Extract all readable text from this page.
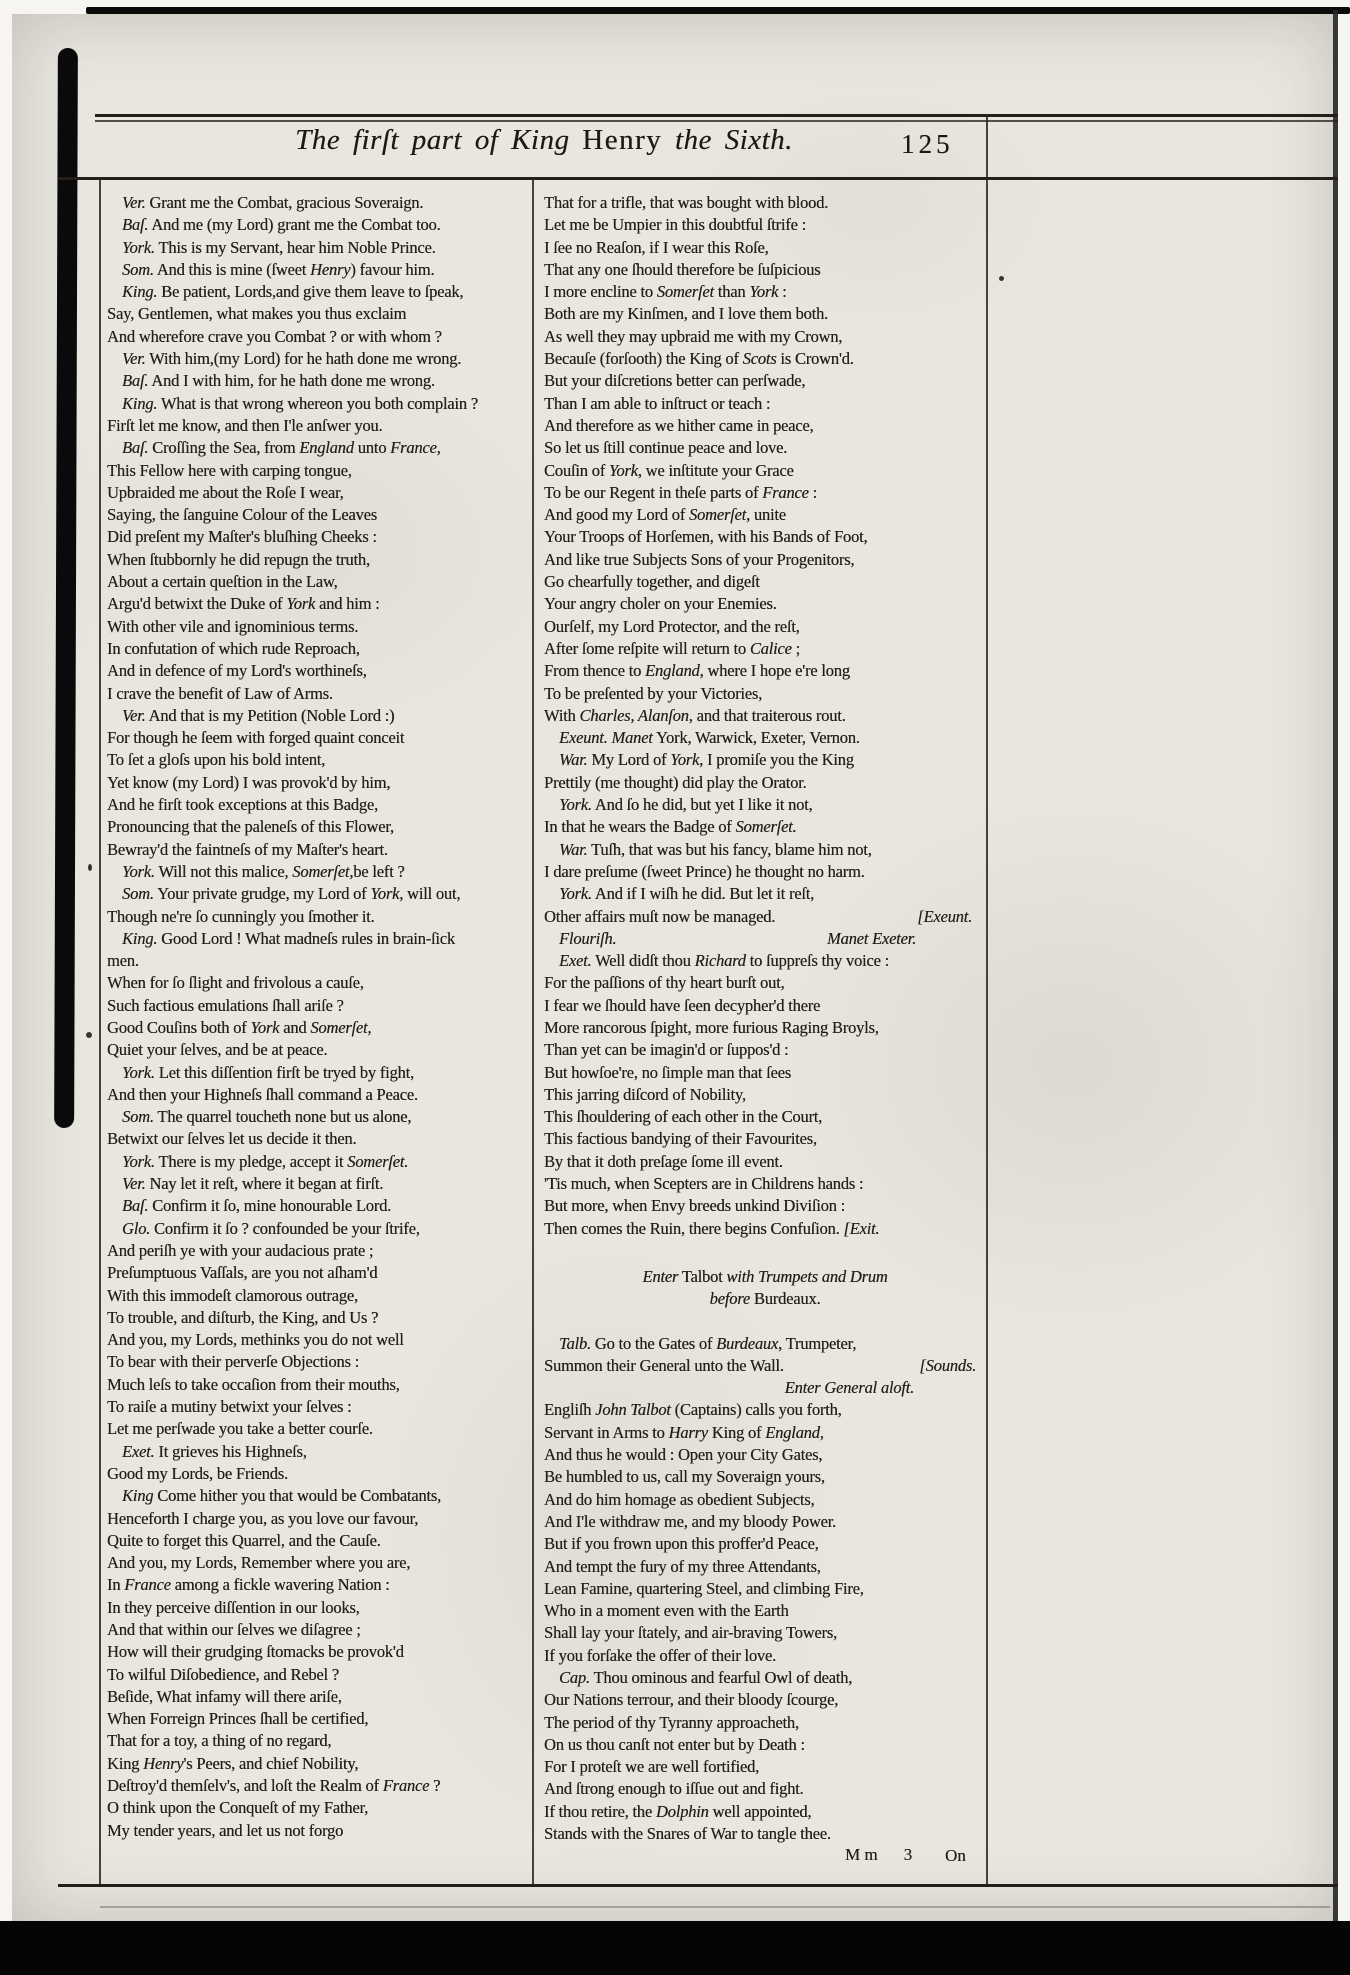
The firſt part of King Henry the Sixth.	125
Ver. Grant me the Combat, gracious Soveraign.
Baſ. And me (my Lord) grant me the Combat too.
York. This is my Servant, hear him Noble Prince.
Som. And this is mine (ſweet Henry) favour him.
King. Be patient, Lords,and give them leave to ſpeak,
Say, Gentlemen, what makes you thus exclaim
And wherefore crave you Combat ? or with whom ?
Ver. With him,(my Lord) for he hath done me wrong.
Baſ. And I with him, for he hath done me wrong.
King. What is that wrong whereon you both complain ?
Firſt let me know, and then I'le anſwer you.
Baſ. Croſſing the Sea, from England unto France,
This Fellow here with carping tongue,
Upbraided me about the Roſe I wear,
Saying, the ſanguine Colour of the Leaves
Did preſent my Maſter's bluſhing Cheeks :
When ſtubbornly he did repugn the truth,
About a certain queſtion in the Law,
Argu'd betwixt the Duke of York and him :
With other vile and ignominious terms.
In confutation of which rude Reproach,
And in defence of my Lord's worthineſs,
I crave the benefit of Law of Arms.
Ver. And that is my Petition (Noble Lord :)
For though he ſeem with forged quaint conceit
To ſet a gloſs upon his bold intent,
Yet know (my Lord) I was provok'd by him,
And he firſt took exceptions at this Badge,
Pronouncing that the paleneſs of this Flower,
Bewray'd the faintneſs of my Maſter's heart.
York. Will not this malice, Somerſet,be left ?
Som. Your private grudge, my Lord of York, will out,
Though ne're ſo cunningly you ſmother it.
King. Good Lord ! What madneſs rules in brain-ſick
men.
When for ſo ſlight and frivolous a cauſe,
Such factious emulations ſhall ariſe ?
Good Couſins both of York and Somerſet,
Quiet your ſelves, and be at peace.
York. Let this diſſention firſt be tryed by fight,
And then your Highneſs ſhall command a Peace.
Som. The quarrel toucheth none but us alone,
Betwixt our ſelves let us decide it then.
York. There is my pledge, accept it Somerſet.
Ver. Nay let it reſt, where it began at firſt.
Baſ. Confirm it ſo, mine honourable Lord.
Glo. Confirm it ſo ? confounded be your ſtrife,
And periſh ye with your audacious prate ;
Preſumptuous Vaſſals, are you not aſham'd
With this immodeſt clamorous outrage,
To trouble, and diſturb, the King, and Us ?
And you, my Lords, methinks you do not well
To bear with their perverſe Objections :
Much leſs to take occaſion from their mouths,
To raiſe a mutiny betwixt your ſelves :
Let me perſwade you take a better courſe.
Exet. It grieves his Highneſs,
Good my Lords, be Friends.
King Come hither you that would be Combatants,
Henceforth I charge you, as you love our favour,
Quite to forget this Quarrel, and the Cauſe.
And you, my Lords, Remember where you are,
In France among a fickle wavering Nation :
In they perceive diſſention in our looks,
And that within our ſelves we diſagree ;
How will their grudging ſtomacks be provok'd
To wilful Diſobedience, and Rebel ?
Beſide, What infamy will there ariſe,
When Forreign Princes ſhall be certified,
That for a toy, a thing of no regard,
King Henry's Peers, and chief Nobility,
Deſtroy'd themſelv's, and loſt the Realm of France ?
O think upon the Conqueſt of my Father,
My tender years, and let us not forgo
That for a trifle, that was bought with blood.
Let me be Umpier in this doubtful ſtrife :
I ſee no Reaſon, if I wear this Roſe,
That any one ſhould therefore be ſuſpicious
I more encline to Somerſet than York :
Both are my Kinſmen, and I love them both.
As well they may upbraid me with my Crown,
Becauſe (forſooth) the King of Scots is Crown'd.
But your diſcretions better can perſwade,
Than I am able to inſtruct or teach :
And therefore as we hither came in peace,
So let us ſtill continue peace and love.
Couſin of York, we inſtitute your Grace
To be our Regent in theſe parts of France :
And good my Lord of Somerſet, unite
Your Troops of Horſemen, with his Bands of Foot,
And like true Subjects Sons of your Progenitors,
Go chearfully together, and digeſt
Your angry choler on your Enemies.
Ourſelf, my Lord Protector, and the reſt,
After ſome reſpite will return to Calice ;
From thence to England, where I hope e're long
To be preſented by your Victories,
With Charles, Alanſon, and that traiterous rout.
Exeunt. Manet York, Warwick, Exeter, Vernon.
War. My Lord of York, I promiſe you the King
Prettily (me thought) did play the Orator.
York. And ſo he did, but yet I like it not,
In that he wears the Badge of Somerſet.
War. Tuſh, that was but his fancy, blame him not,
I dare preſume (ſweet Prince) he thought no harm.
York. And if I wiſh he did. But let it reſt,
[Exeunt.
Other affairs muſt now be managed.
Manet Exeter.
Flouriſh.
Exet. Well didſt thou Richard to ſuppreſs thy voice :
For the paſſions of thy heart burſt out,
I fear we ſhould have ſeen decypher'd there
More rancorous ſpight, more furious Raging Broyls,
Than yet can be imagin'd or ſuppos'd :
But howſoe're, no ſimple man that ſees
This jarring diſcord of Nobility,
This ſhouldering of each other in the Court,
This factious bandying of their Favourites,
By that it doth preſage ſome ill event.
'Tis much, when Scepters are in Childrens hands :
But more, when Envy breeds unkind Diviſion :
Then comes the Ruin, there begins Confuſion. [Exit.
Enter Talbot with Trumpets and Drum
before Burdeaux.
Talb. Go to the Gates of Burdeaux, Trumpeter,
[Sounds.
Summon their General unto the Wall.
Enter General aloft.
Engliſh John Talbot (Captains) calls you forth,
Servant in Arms to Harry King of England,
And thus he would : Open your City Gates,
Be humbled to us, call my Soveraign yours,
And do him homage as obedient Subjects,
And I'le withdraw me, and my bloody Power.
But if you frown upon this proffer'd Peace,
And tempt the fury of my three Attendants,
Lean Famine, quartering Steel, and climbing Fire,
Who in a moment even with the Earth
Shall lay your ſtately, and air-braving Towers,
If you forſake the offer of their love.
Cap. Thou ominous and fearful Owl of death,
Our Nations terrour, and their bloody ſcourge,
The period of thy Tyranny approacheth,
On us thou canſt not enter but by Death :
For I proteſt we are well fortified,
And ſtrong enough to iſſue out and fight.
If thou retire, the Dolphin well appointed,
Stands with the Snares of War to tangle thee.
M m 3 On
